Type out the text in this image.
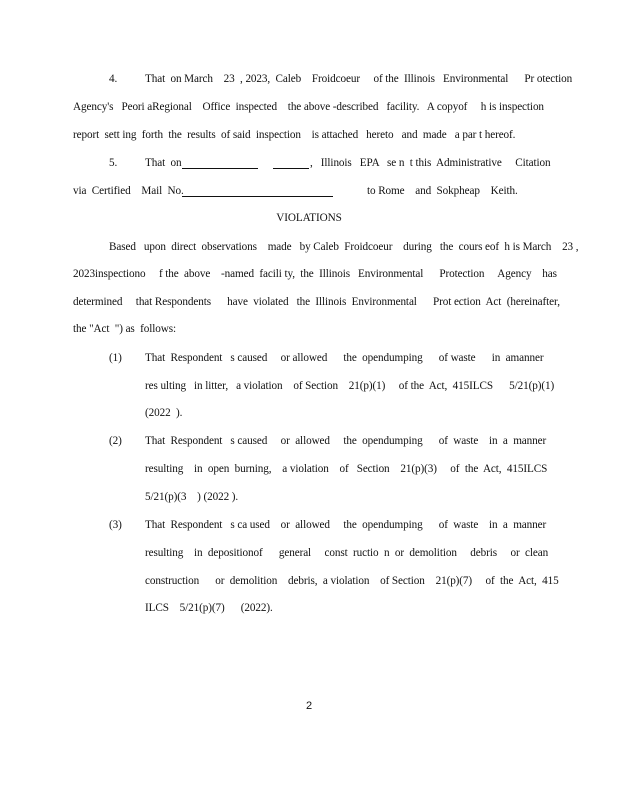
4. That  on March    23  , 2023,  Caleb    Froidcoeur     of the  Illinois   Environmental      Pr otection
Agency's   Peori aRegional    Office  inspected    the above -described   facility.   A copyof     h is inspection
report  sett ing  forth  the  results  of said  inspection    is attached   hereto   and  made   a par t hereof.
5. That  on	,   Illinois   EPA   se n  t this  Administrative     Citation
via  Certified    Mail  No.	to Rome    and  Sokpheap    Keith.
VIOLATIONS
Based   upon  direct  observations    made   by Caleb  Froidcoeur    during   the  cours eof  h is March    23 ,
2023inspectiono     f the  above    -named  facili ty,  the  Illinois   Environmental      Protection     Agency    has
determined     that Respondents      have  violated   the  Illinois  Environmental      Prot ection  Act  (hereinafter,
the "Act  ") as  follows:
(1) That  Respondent   s caused     or allowed      the  opendumping      of waste      in  amanner
res ulting   in litter,   a violation    of Section    21(p)(1)     of the  Act,  415ILCS      5/21(p)(1)
(2022  ).
(2) That  Respondent   s caused     or  allowed     the  opendumping      of  waste    in  a  manner
resulting    in  open  burning,    a violation    of   Section    21(p)(3)     of  the  Act,  415ILCS
5/21(p)(3    ) (2022 ).
(3) That  Respondent   s ca used    or  allowed     the  opendumping      of  waste    in  a  manner
resulting    in  depositionof      general     const  ructio  n  or  demolition     debris     or  clean
construction      or  demolition    debris,  a violation    of Section    21(p)(7)     of  the  Act,  415
ILCS    5/21(p)(7)      (2022).
2
